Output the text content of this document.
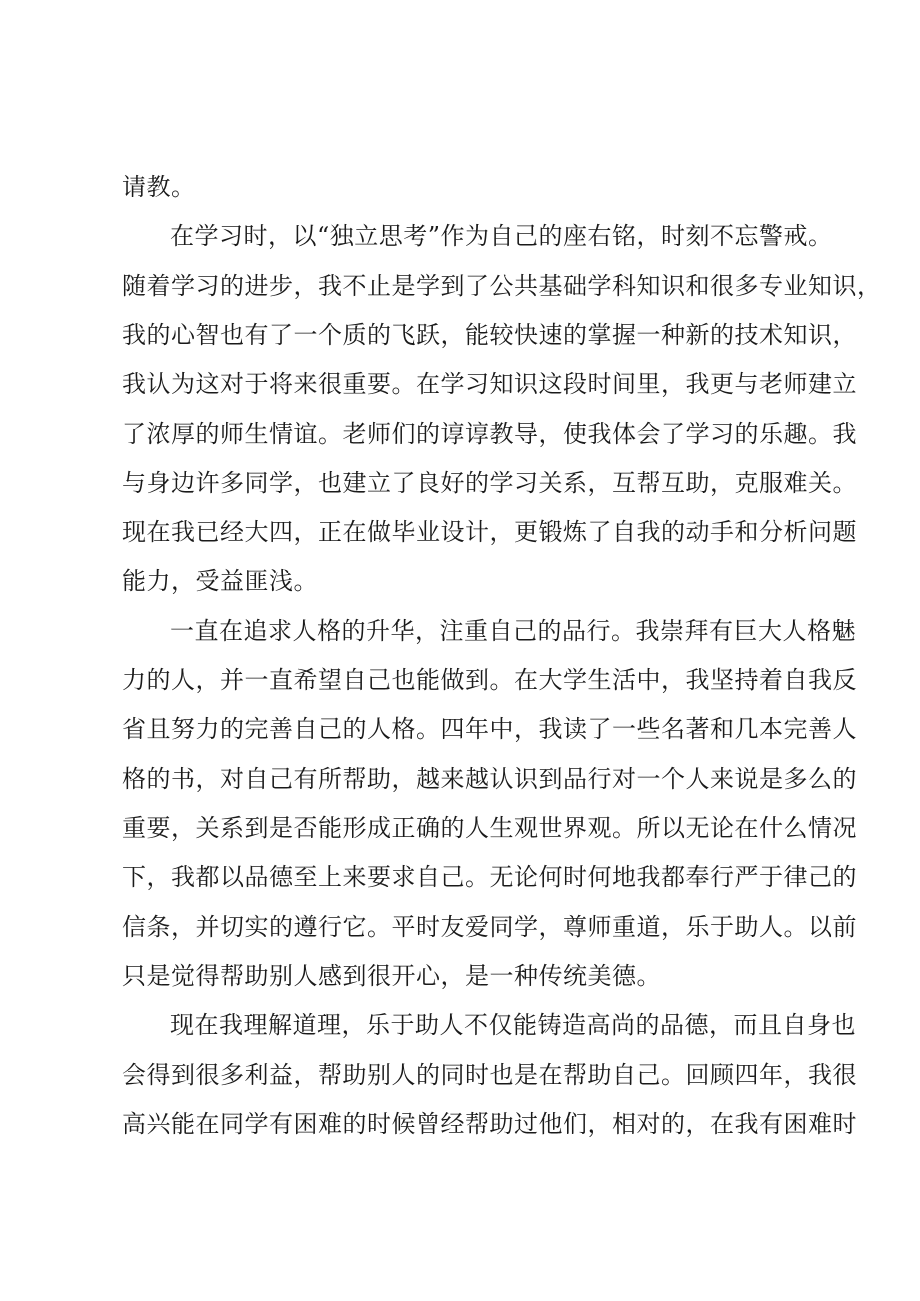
请教。
在学习时，以“独立思考”作为自己的座右铭，时刻不忘警戒。
随着学习的进步，我不止是学到了公共基础学科知识和很多专业知识，
我的心智也有了一个质的飞跃，能较快速的掌握一种新的技术知识，
我认为这对于将来很重要。在学习知识这段时间里，我更与老师建立
了浓厚的师生情谊。老师们的谆谆教导，使我体会了学习的乐趣。我
与身边许多同学，也建立了良好的学习关系，互帮互助，克服难关。
现在我已经大四，正在做毕业设计，更锻炼了自我的动手和分析问题
能力，受益匪浅。
一直在追求人格的升华，注重自己的品行。我崇拜有巨大人格魅
力的人，并一直希望自己也能做到。在大学生活中，我坚持着自我反
省且努力的完善自己的人格。四年中，我读了一些名著和几本完善人
格的书，对自己有所帮助，越来越认识到品行对一个人来说是多么的
重要，关系到是否能形成正确的人生观世界观。所以无论在什么情况
下，我都以品德至上来要求自己。无论何时何地我都奉行严于律己的
信条，并切实的遵行它。平时友爱同学，尊师重道，乐于助人。以前
只是觉得帮助别人感到很开心，是一种传统美德。
现在我理解道理，乐于助人不仅能铸造高尚的品德，而且自身也
会得到很多利益，帮助别人的同时也是在帮助自己。回顾四年，我很
高兴能在同学有困难的时候曾经帮助过他们，相对的，在我有困难时
